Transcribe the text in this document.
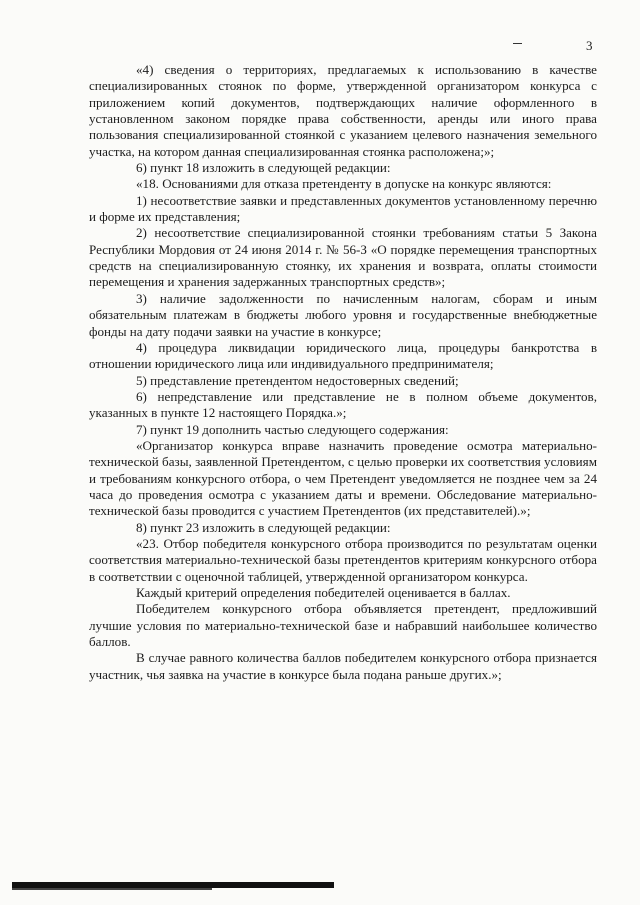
3

«4) сведения о территориях, предлагаемых к использованию в качестве специализированных стоянок по форме, утвержденной организатором конкурса с приложением копий документов, подтверждающих наличие оформленного в установленном законом порядке права собственности, аренды или иного права пользования специализированной стоянкой с указанием целевого назначения земельного участка, на котором данная специализированная стоянка расположена;»;

6) пункт 18 изложить в следующей редакции:

«18. Основаниями для отказа претенденту в допуске на конкурс являются:

1) несоответствие заявки и представленных документов установленному перечню и форме их представления;

2) несоответствие специализированной стоянки требованиям статьи 5 Закона Республики Мордовия от 24 июня 2014 г. № 56-З «О порядке перемещения транспортных средств на специализированную стоянку, их хранения и возврата, оплаты стоимости перемещения и хранения задержанных транспортных средств»;

3) наличие задолженности по начисленным налогам, сборам и иным обязательным платежам в бюджеты любого уровня и государственные внебюджетные фонды на дату подачи заявки на участие в конкурсе;

4) процедура ликвидации юридического лица, процедуры банкротства в отношении юридического лица или индивидуального предпринимателя;

5) представление претендентом недостоверных сведений;

6) непредставление или представление не в полном объеме документов, указанных в пункте 12 настоящего Порядка.»;

7) пункт 19 дополнить частью следующего содержания:

«Организатор конкурса вправе назначить проведение осмотра материально-технической базы, заявленной Претендентом, с целью проверки их соответствия условиям и требованиям конкурсного отбора, о чем Претендент уведомляется не позднее чем за 24 часа до проведения осмотра с указанием даты и времени. Обследование материально-технической базы проводится с участием Претендентов (их представителей).»;

8) пункт 23 изложить в следующей редакции:

«23. Отбор победителя конкурсного отбора производится по результатам оценки соответствия материально-технической базы претендентов критериям конкурсного отбора в соответствии с оценочной таблицей, утвержденной организатором конкурса.

Каждый критерий определения победителей оценивается в баллах.

Победителем конкурсного отбора объявляется претендент, предложивший лучшие условия по материально-технической базе и набравший наибольшее количество баллов.

В случае равного количества баллов победителем конкурсного отбора признается участник, чья заявка на участие в конкурсе была подана раньше других.»;
